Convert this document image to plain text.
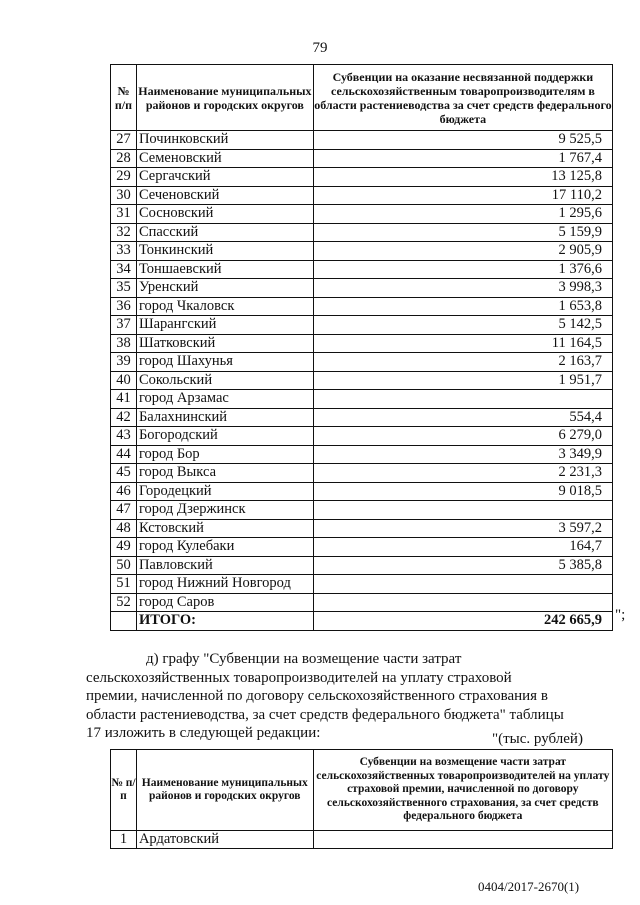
79
№ п/п	Наименование муниципальных районов и городских округов	Субвенции на оказание несвязанной поддержки сельскохозяйственным товаропроизводителям в области растениеводства за счет средств федерального бюджета
27	Починковский	9 525,5
28	Семеновский	1 767,4
29	Сергачский	13 125,8
30	Сеченовский	17 110,2
31	Сосновский	1 295,6
32	Спасский	5 159,9
33	Тонкинский	2 905,9
34	Тоншаевский	1 376,6
35	Уренский	3 998,3
36	город Чкаловск	1 653,8
37	Шарангский	5 142,5
38	Шатковский	11 164,5
39	город Шахунья	2 163,7
40	Сокольский	1 951,7
41	город Арзамас	
42	Балахнинский	554,4
43	Богородский	6 279,0
44	город Бор	3 349,9
45	город Выкса	2 231,3
46	Городецкий	9 018,5
47	город Дзержинск	
48	Кстовский	3 597,2
49	город Кулебаки	164,7
50	Павловский	5 385,8
51	город Нижний Новгород	
52	город Саров	
	ИТОГО:	242 665,9 ";

д) графу "Субвенции на возмещение части затрат

сельскохозяйственных товаропроизводителей на уплату страховой

премии, начисленной по договору сельскохозяйственного страхования в

области растениеводства, за счет средств федерального бюджета" таблицы

17 изложить в следующей редакции:	"(тыс. рублей)
№ п/п	Наименование муниципальных районов и городских округов	Субвенции на возмещение части затрат сельскохозяйственных товаропроизводителей на уплату страховой премии, начисленной по договору сельскохозяйственного страхования, за счет средств федерального бюджета
1	Ардатовский	
0404/2017-2670(1)
